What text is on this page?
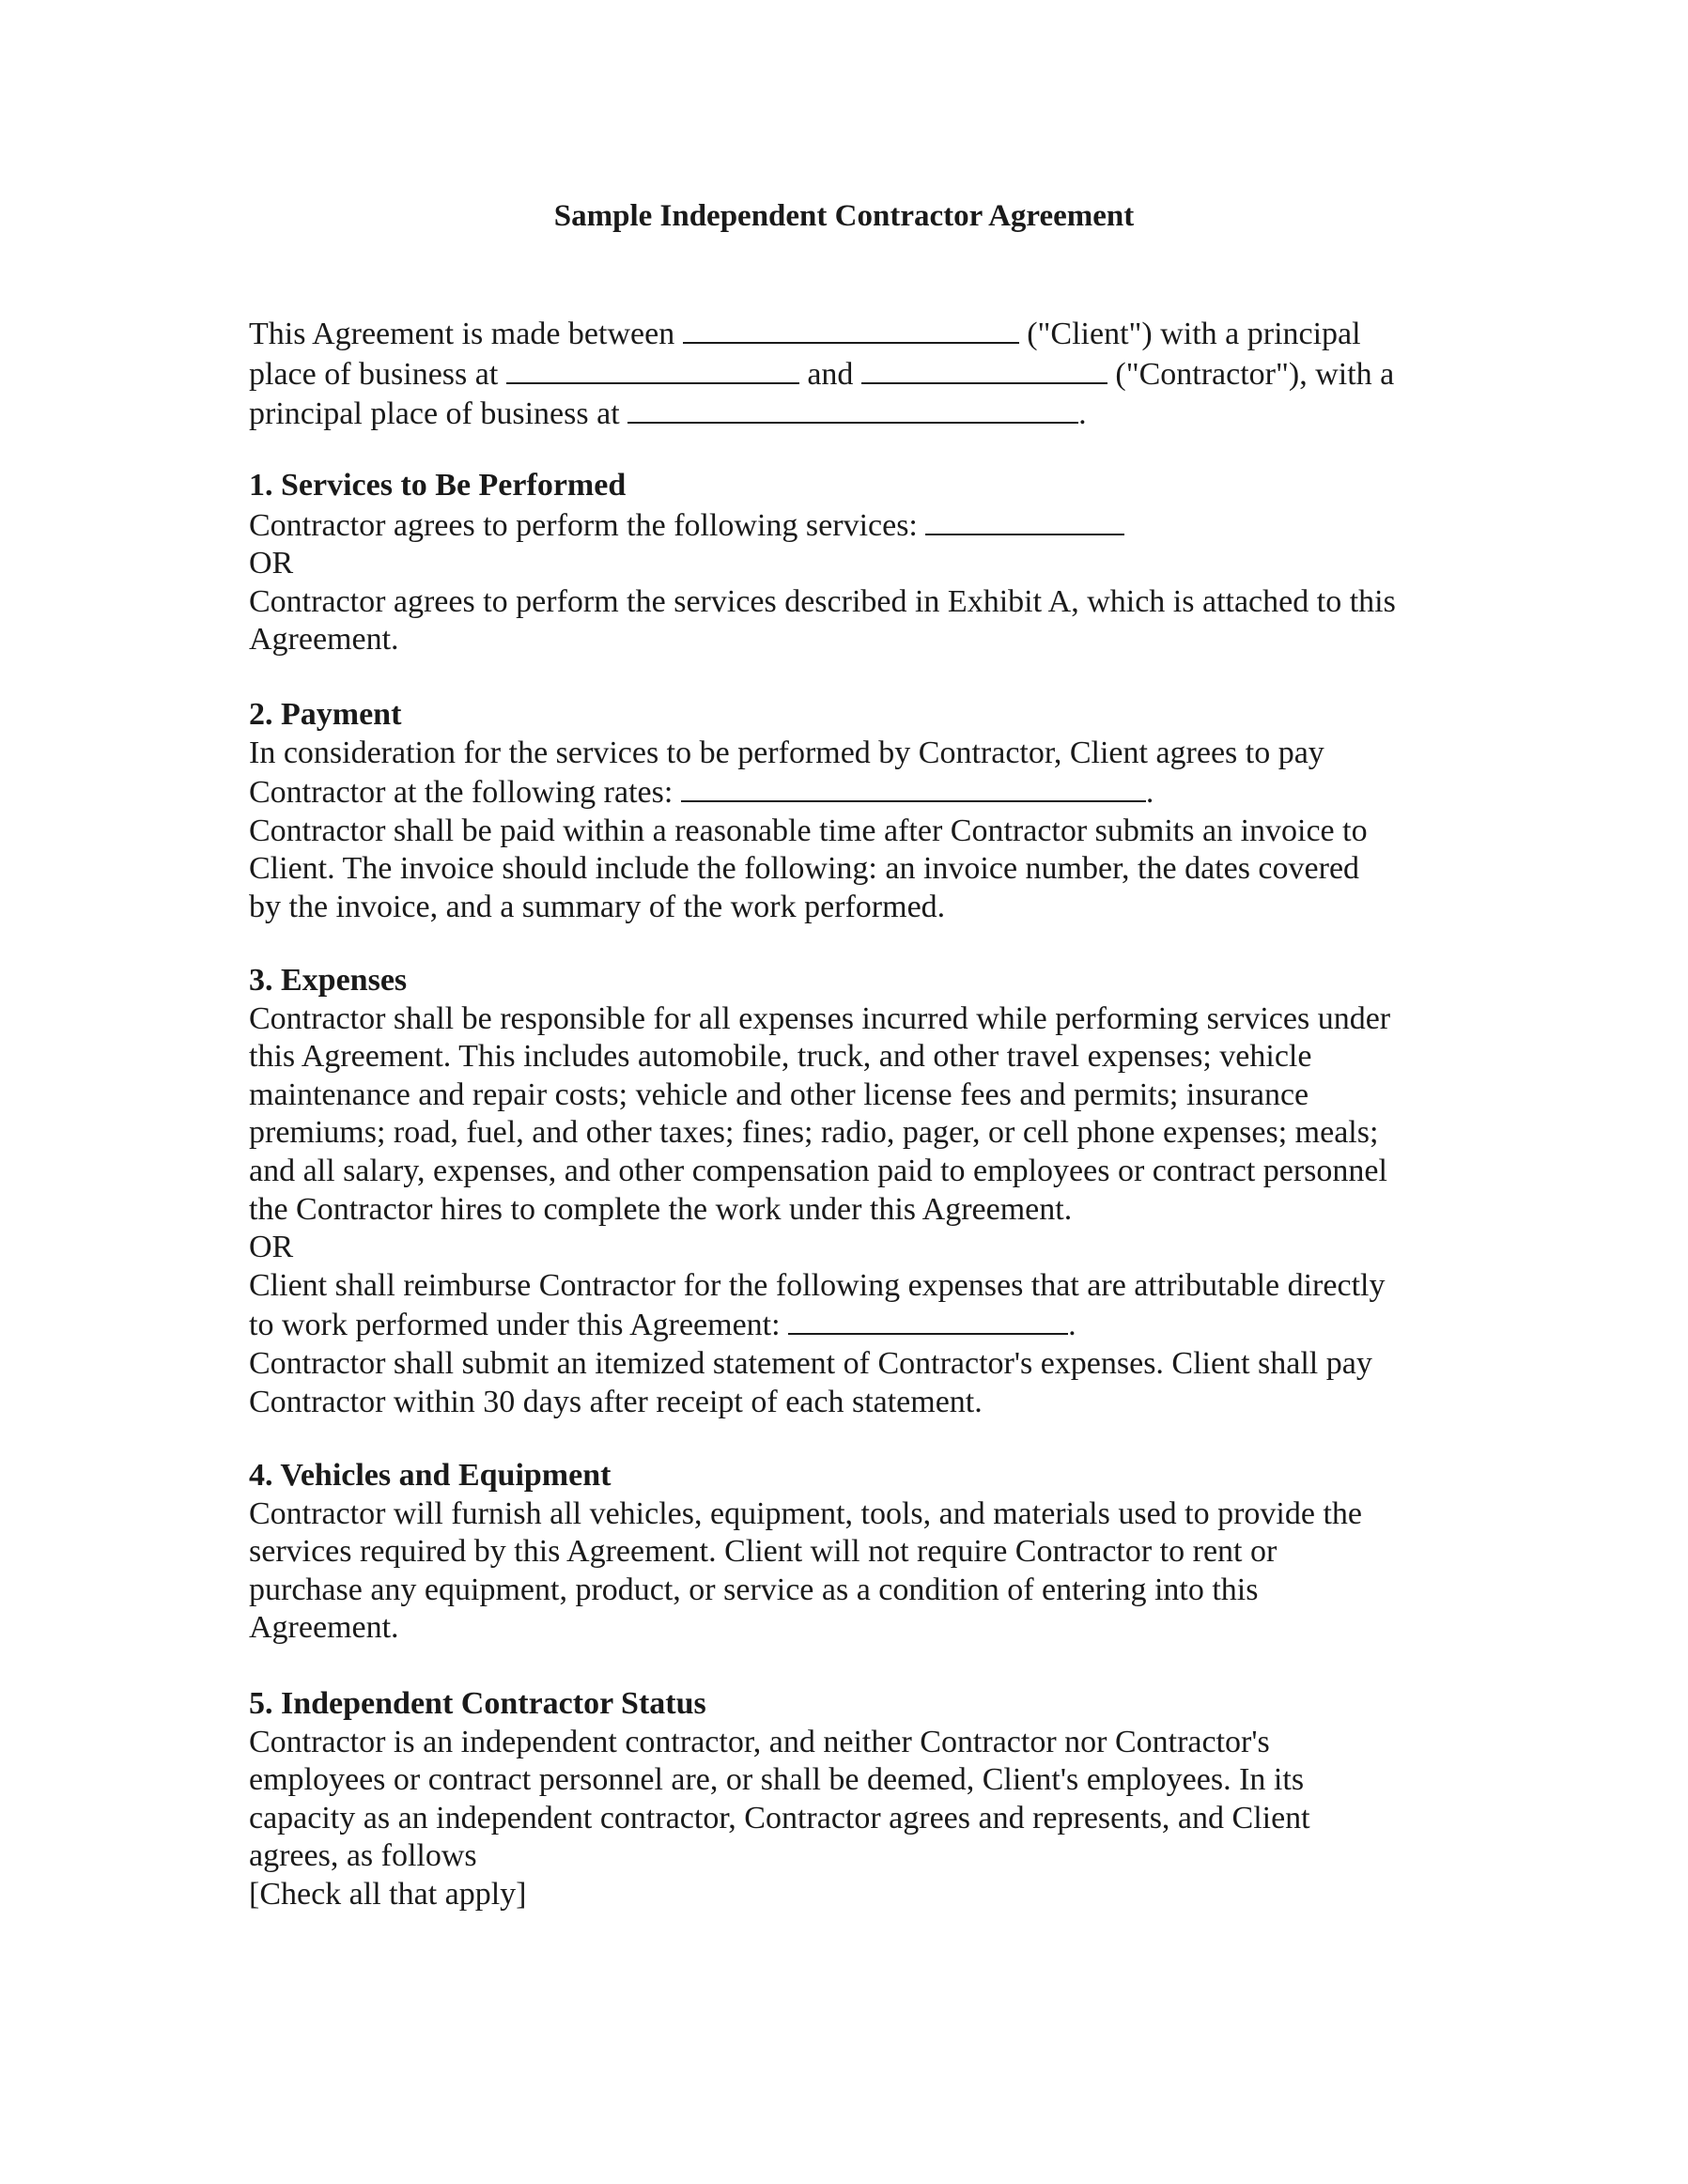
Sample Independent Contractor Agreement
This Agreement is made between	("Client") with a principal
place of business at	and	("Contractor"), with a
principal place of business at	.
1. Services to Be Performed
Contractor agrees to perform the following services:
OR
Contractor agrees to perform the services described in Exhibit A, which is attached to this
Agreement.
2. Payment
In consideration for the services to be performed by Contractor, Client agrees to pay
Contractor at the following rates:	.
Contractor shall be paid within a reasonable time after Contractor submits an invoice to
Client. The invoice should include the following: an invoice number, the dates covered
by the invoice, and a summary of the work performed.
3. Expenses
Contractor shall be responsible for all expenses incurred while performing services under
this Agreement. This includes automobile, truck, and other travel expenses; vehicle
maintenance and repair costs; vehicle and other license fees and permits; insurance
premiums; road, fuel, and other taxes; fines; radio, pager, or cell phone expenses; meals;
and all salary, expenses, and other compensation paid to employees or contract personnel
the Contractor hires to complete the work under this Agreement.
OR
Client shall reimburse Contractor for the following expenses that are attributable directly
to work performed under this Agreement:	.
Contractor shall submit an itemized statement of Contractor's expenses. Client shall pay
Contractor within 30 days after receipt of each statement.
4. Vehicles and Equipment
Contractor will furnish all vehicles, equipment, tools, and materials used to provide the
services required by this Agreement. Client will not require Contractor to rent or
purchase any equipment, product, or service as a condition of entering into this
Agreement.
5. Independent Contractor Status
Contractor is an independent contractor, and neither Contractor nor Contractor's
employees or contract personnel are, or shall be deemed, Client's employees. In its
capacity as an independent contractor, Contractor agrees and represents, and Client
agrees, as follows
[Check all that apply]
